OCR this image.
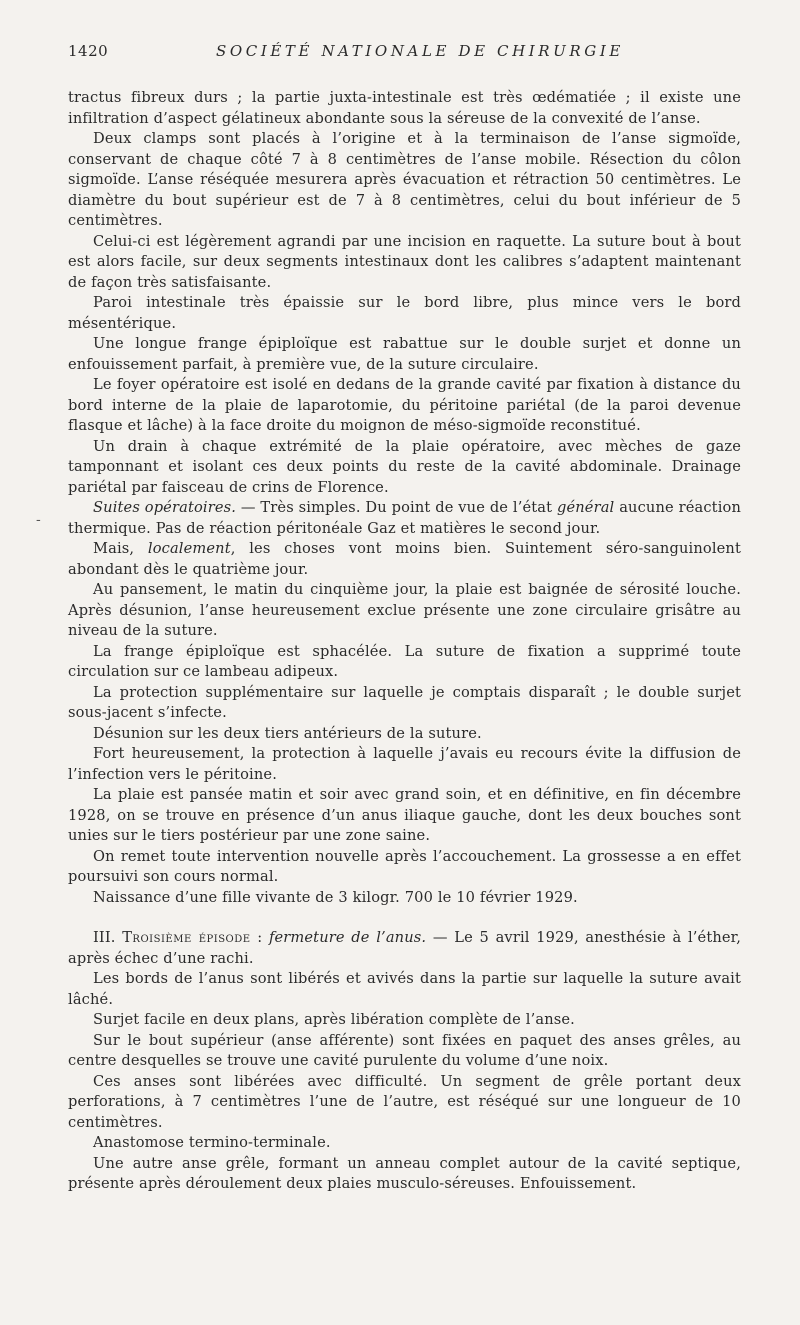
1420	SOCIÉTÉ NATIONALE DE CHIRURGIE
-

tractus fibreux durs ; la partie juxta-intestinale est très œdématiée ; il existe une infiltration d’aspect gélatineux abondante sous la séreuse de la convexité de l’anse.

Deux clamps sont placés à l’origine et à la terminaison de l’anse sigmoïde, conservant de chaque côté 7 à 8 centimètres de l’anse mobile. Résection du côlon sigmoïde. L’anse réséquée mesurera après évacuation et rétraction 50 centimètres. Le diamètre du bout supérieur est de 7 à 8 centimètres, celui du bout inférieur de 5 centimètres.

Celui-ci est légèrement agrandi par une incision en raquette. La suture bout à bout est alors facile, sur deux segments intestinaux dont les calibres s’adaptent maintenant de façon très satisfaisante.

Paroi intestinale très épaissie sur le bord libre, plus mince vers le bord mésentérique.

Une longue frange épiploïque est rabattue sur le double surjet et donne un enfouissement parfait, à première vue, de la suture circulaire.

Le foyer opératoire est isolé en dedans de la grande cavité par fixation à distance du bord interne de la plaie de laparotomie, du péritoine pariétal (de la paroi devenue flasque et lâche) à la face droite du moignon de méso-sigmoïde reconstitué.

Un drain à chaque extrémité de la plaie opératoire, avec mèches de gaze tamponnant et isolant ces deux points du reste de la cavité abdominale. Drainage pariétal par faisceau de crins de Florence.

Suites opératoires. — Très simples. Du point de vue de l’état général aucune réaction thermique. Pas de réaction péritonéale Gaz et matières le second jour.

Mais, localement, les choses vont moins bien. Suintement séro-sanguinolent abondant dès le quatrième jour.

Au pansement, le matin du cinquième jour, la plaie est baignée de sérosité louche. Après désunion, l’anse heureusement exclue présente une zone circulaire grisâtre au niveau de la suture.

La frange épiploïque est sphacélée. La suture de fixation a supprimé toute circulation sur ce lambeau adipeux.

La protection supplémentaire sur laquelle je comptais disparaît ; le double surjet sous-jacent s’infecte.

Désunion sur les deux tiers antérieurs de la suture.

Fort heureusement, la protection à laquelle j’avais eu recours évite la diffusion de l’infection vers le péritoine.

La plaie est pansée matin et soir avec grand soin, et en définitive, en fin décembre 1928, on se trouve en présence d’un anus iliaque gauche, dont les deux bouches sont unies sur le tiers postérieur par une zone saine.

On remet toute intervention nouvelle après l’accouchement. La grossesse a en effet poursuivi son cours normal.

Naissance d’une fille vivante de 3 kilogr. 700 le 10 février 1929.

III. Troisième épisode : fermeture de l’anus. — Le 5 avril 1929, anesthésie à l’éther, après échec d’une rachi.

Les bords de l’anus sont libérés et avivés dans la partie sur laquelle la suture avait lâché.

Surjet facile en deux plans, après libération complète de l’anse.

Sur le bout supérieur (anse afférente) sont fixées en paquet des anses grêles, au centre desquelles se trouve une cavité purulente du volume d’une noix.

Ces anses sont libérées avec difficulté. Un segment de grêle portant deux perforations, à 7 centimètres l’une de l’autre, est réséqué sur une longueur de 10 centimètres.

Anastomose termino-terminale.

Une autre anse grêle, formant un anneau complet autour de la cavité septique, présente après déroulement deux plaies musculo-séreuses. Enfouissement.
